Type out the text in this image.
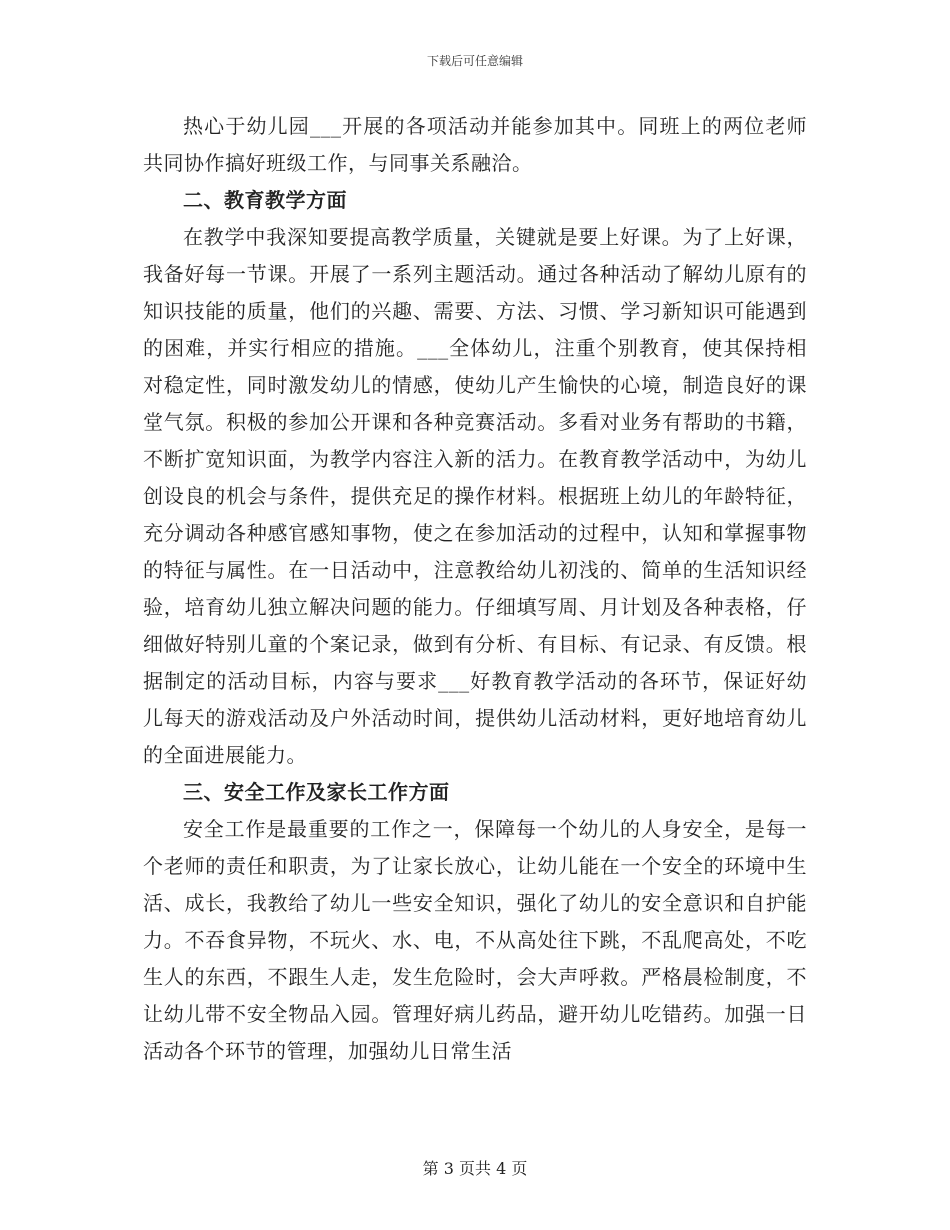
下载后可任意编辑

热心于幼儿园___开展的各项活动并能参加其中。同班上的两位老师共同协作搞好班级工作，与同事关系融洽。

二、教育教学方面

在教学中我深知要提高教学质量，关键就是要上好课。为了上好课，我备好每一节课。开展了一系列主题活动。通过各种活动了解幼儿原有的知识技能的质量，他们的兴趣、需要、方法、习惯、学习新知识可能遇到的困难，并实行相应的措施。___全体幼儿，注重个别教育，使其保持相对稳定性，同时激发幼儿的情感，使幼儿产生愉快的心境，制造良好的课堂气氛。积极的参加公开课和各种竞赛活动。多看对业务有帮助的书籍，不断扩宽知识面，为教学内容注入新的活力。在教育教学活动中，为幼儿创设良的机会与条件，提供充足的操作材料。根据班上幼儿的年龄特征，充分调动各种感官感知事物，使之在参加活动的过程中，认知和掌握事物的特征与属性。在一日活动中，注意教给幼儿初浅的、简单的生活知识经验，培育幼儿独立解决问题的能力。仔细填写周、月计划及各种表格，仔细做好特别儿童的个案记录，做到有分析、有目标、有记录、有反馈。根据制定的活动目标，内容与要求___好教育教学活动的各环节，保证好幼儿每天的游戏活动及户外活动时间，提供幼儿活动材料，更好地培育幼儿的全面进展能力。

三、安全工作及家长工作方面

安全工作是最重要的工作之一，保障每一个幼儿的人身安全，是每一个老师的责任和职责，为了让家长放心，让幼儿能在一个安全的环境中生活、成长，我教给了幼儿一些安全知识，强化了幼儿的安全意识和自护能力。不吞食异物，不玩火、水、电，不从高处往下跳，不乱爬高处，不吃生人的东西，不跟生人走，发生危险时，会大声呼救。严格晨检制度，不让幼儿带不安全物品入园。管理好病儿药品，避开幼儿吃错药。加强一日活动各个环节的管理，加强幼儿日常生活

第 3 页共 4 页
